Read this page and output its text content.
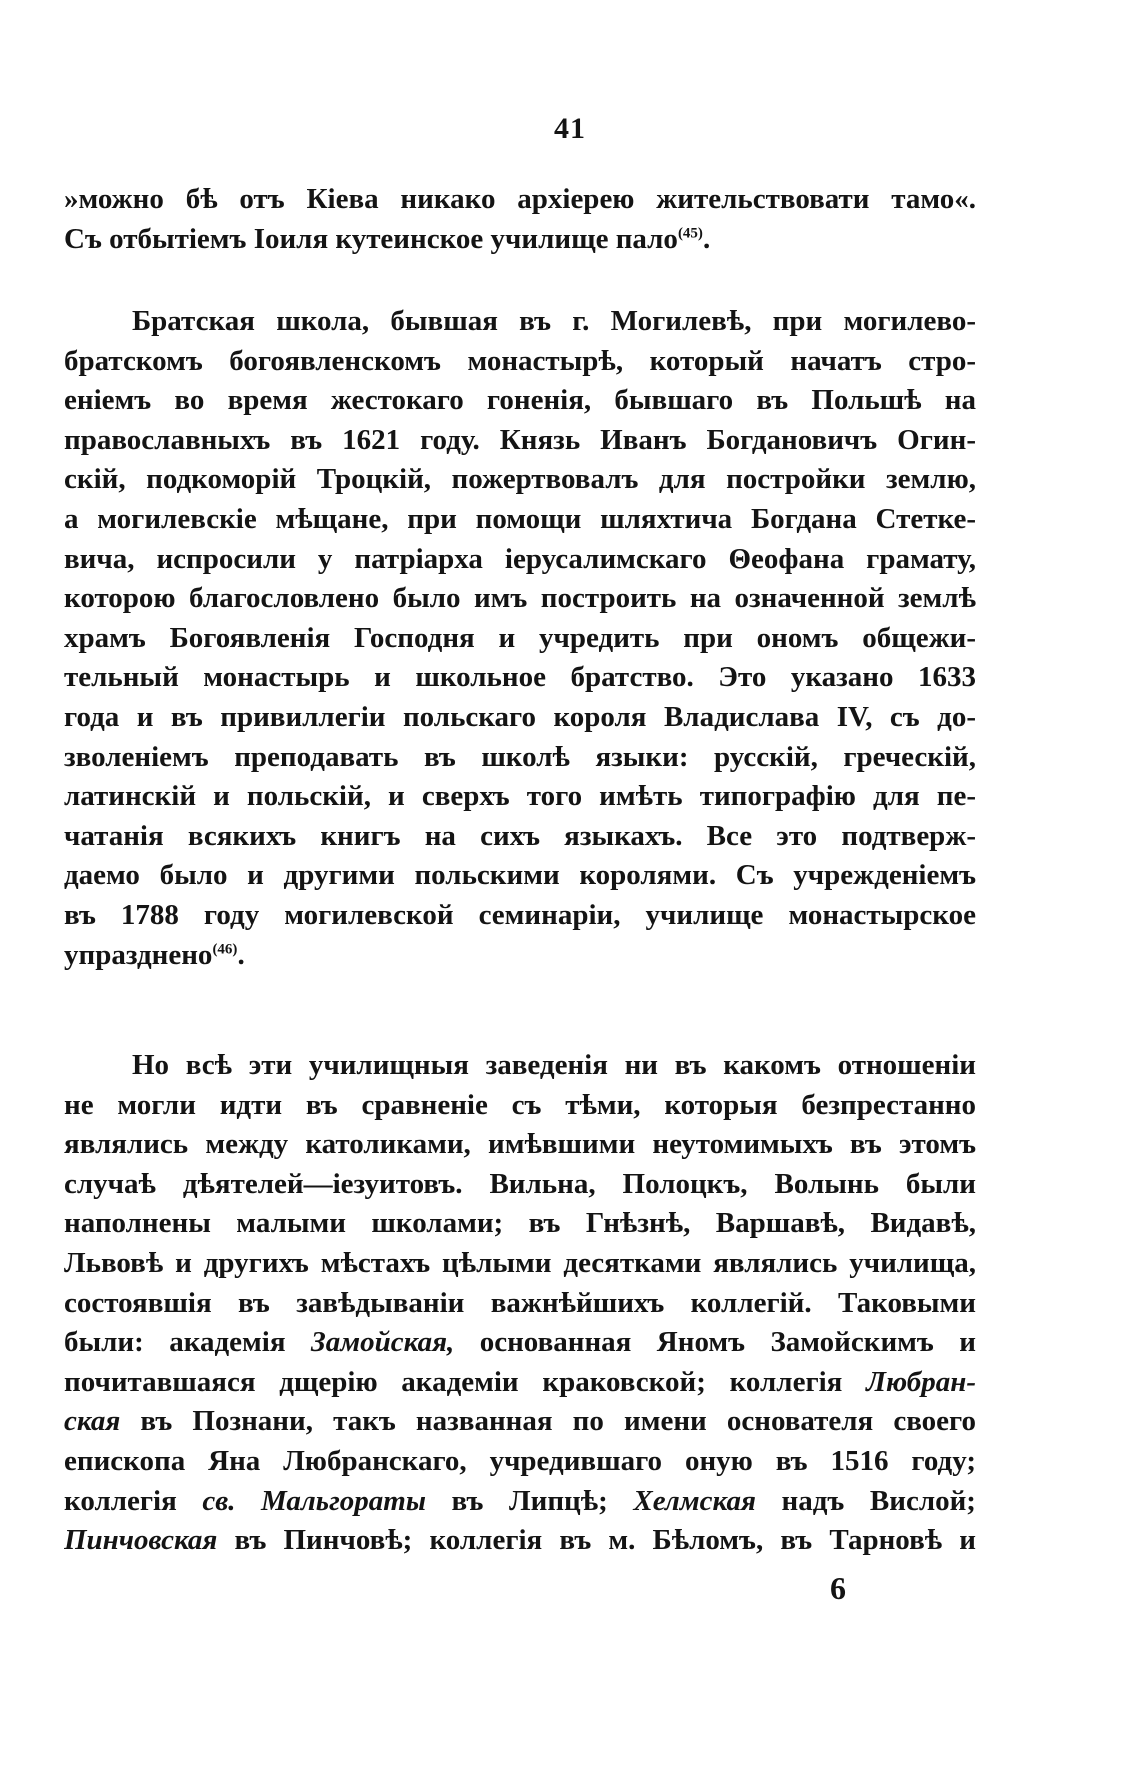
41
»можно бѣ отъ Кіева никако архіерею жительствовати тамо«.
Съ отбытіемъ Іоиля кутеинское училище пало$^{(45)}$.
Братская школа, бывшая въ г. Могилевѣ, при могилево-
братскомъ богоявленскомъ монастырѣ, который начатъ стро-
еніемъ во время жестокаго гоненія, бывшаго въ Польшѣ на
православныхъ въ 1621 году. Князь Иванъ Богдановичъ Огин-
скій, подкоморій Троцкій, пожертвовалъ для постройки землю,
а могилевскіе мѣщане, при помощи шляхтича Богдана Стетке-
вича, испросили у патріарха іерусалимскаго Θеофана грамату,
которою благословлено было имъ построить на означенной землѣ
храмъ Богоявленія Господня и учредить при ономъ общежи-
тельный монастырь и школьное братство. Это указано 1633
года и въ привиллегіи польскаго короля Владислава IV, съ до-
зволеніемъ преподавать въ школѣ языки: русскій, греческій,
латинскій и польскій, и сверхъ того имѣть типографію для пе-
чатанія всякихъ книгъ на сихъ языкахъ. Все это подтверж-
даемо было и другими польскими королями. Съ учрежденіемъ
въ 1788 году могилевской семинаріи, училище монастырское
упразднено$^{(46)}$.
Но всѣ эти училищныя заведенія ни въ какомъ отношеніи
не могли идти въ сравненіе съ тѣми, которыя безпрестанно
являлись между католиками, имѣвшими неутомимыхъ въ этомъ
случаѣ дѣятелей—іезуитовъ. Вильна, Полоцкъ, Волынь были
наполнены малыми школами; въ Гнѣзнѣ, Варшавѣ, Видавѣ,
Львовѣ и другихъ мѣстахъ цѣлыми десятками являлись училища,
состоявшія въ завѣдываніи важнѣйшихъ коллегій. Таковыми
были: академія Замойская, основанная Яномъ Замойскимъ и
почитавшаяся дщерію академіи краковской; коллегія Любран-
ская въ Познани, такъ названная по имени основателя своего
епископа Яна Любранскаго, учредившаго оную въ 1516 году;
коллегія св. Мальгораты въ Липцѣ; Хелмская надъ Вислой;
Пинчовская въ Пинчовѣ; коллегія въ м. Бѣломъ, въ Тарновѣ и
6
